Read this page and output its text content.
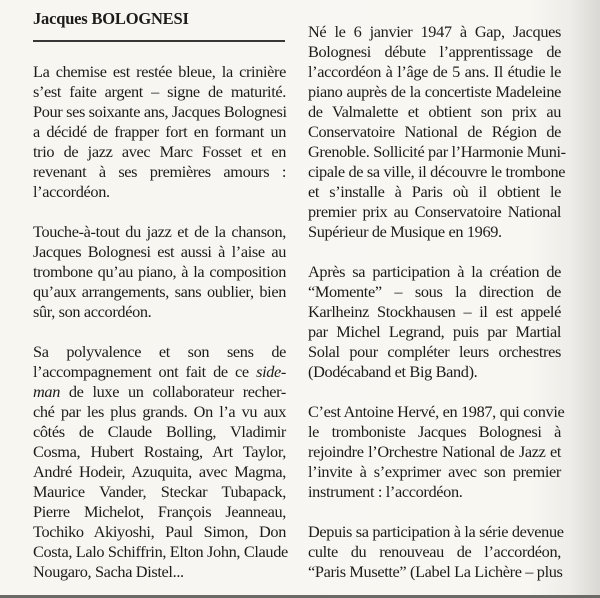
Jacques BOLOGNESI
La chemise est restée bleue, la crinière
s’est faite argent – signe de maturité.
Pour ses soixante ans, Jacques Bolognesi
a décidé de frapper fort en formant un
trio de jazz avec Marc Fosset et en
revenant à ses premières amours :
l’accordéon.
Touche-à-tout du jazz et de la chanson,
Jacques Bolognesi est aussi à l’aise au
trombone qu’au piano, à la composition
qu’aux arrangements, sans oublier, bien
sûr, son accordéon.
Sa polyvalence et son sens de
l’accompagnement ont fait de ce side-
man de luxe un collaborateur recher-
ché par les plus grands. On l’a vu aux
côtés de Claude Bolling, Vladimir
Cosma, Hubert Rostaing, Art Taylor,
André Hodeir, Azuquita, avec Magma,
Maurice Vander, Steckar Tubapack,
Pierre Michelot, François Jeanneau,
Tochiko Akiyoshi, Paul Simon, Don
Costa, Lalo Schiffrin, Elton John, Claude
Nougaro, Sacha Distel...
Né le 6 janvier 1947 à Gap, Jacques
Bolognesi débute l’apprentissage de
l’accordéon à l’âge de 5 ans. Il étudie le
piano auprès de la concertiste Madeleine
de Valmalette et obtient son prix au
Conservatoire National de Région de
Grenoble. Sollicité par l’Harmonie Muni-
cipale de sa ville, il découvre le trombone
et s’installe à Paris où il obtient le
premier prix au Conservatoire National
Supérieur de Musique en 1969.
Après sa participation à la création de
“Momente” – sous la direction de
Karlheinz Stockhausen – il est appelé
par Michel Legrand, puis par Martial
Solal pour compléter leurs orchestres
(Dodécaband et Big Band).
C’est Antoine Hervé, en 1987, qui convie
le tromboniste Jacques Bolognesi à
rejoindre l’Orchestre National de Jazz et
l’invite à s’exprimer avec son premier
instrument : l’accordéon.
Depuis sa participation à la série devenue
culte du renouveau de l’accordéon,
“Paris Musette” (Label La Lichère – plus
